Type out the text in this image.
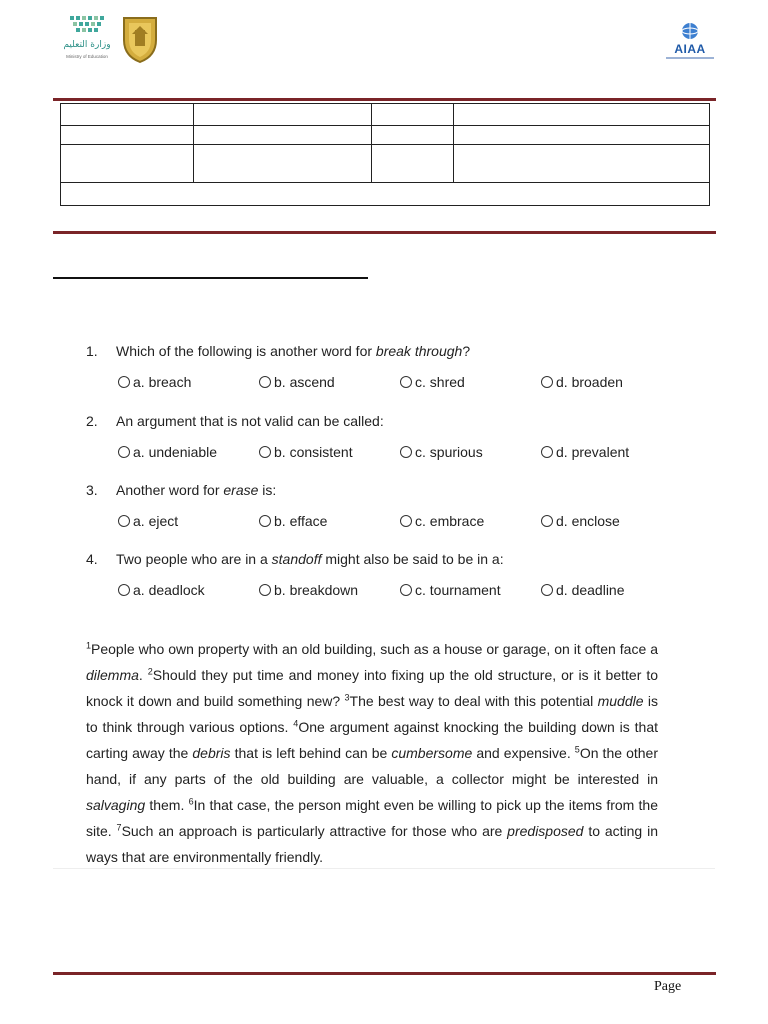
وزارة التعليم
Ministry of Education
AIAA

1. Which of the following is another word for break through?
a. breach	b. ascend	c. shred	d. broaden
2. An argument that is not valid can be called:
a. undeniable	b. consistent	c. spurious	d. prevalent
3. Another word for erase is:
a. eject	b. efface	c. embrace	d. enclose
4. Two people who are in a standoff might also be said to be in a:
a. deadlock	b. breakdown	c. tournament	d. deadline
$^1$People who own property with an old building, such as a house or garage, on it often face a dilemma. $^2$Should they put time and money into fixing up the old structure, or is it better to knock it down and build something new? $^3$The best way to deal with this potential muddle is to think through various options. $^4$One argument against knocking the building down is that carting away the debris that is left behind can be cumbersome and expensive. $^5$On the other hand, if any parts of the old building are valuable, a collector might be interested in salvaging them. $^6$In that case, the person might even be willing to pick up the items from the site. $^7$Such an approach is particularly attractive for those who are predisposed to acting in ways that are environmentally friendly.
Page
